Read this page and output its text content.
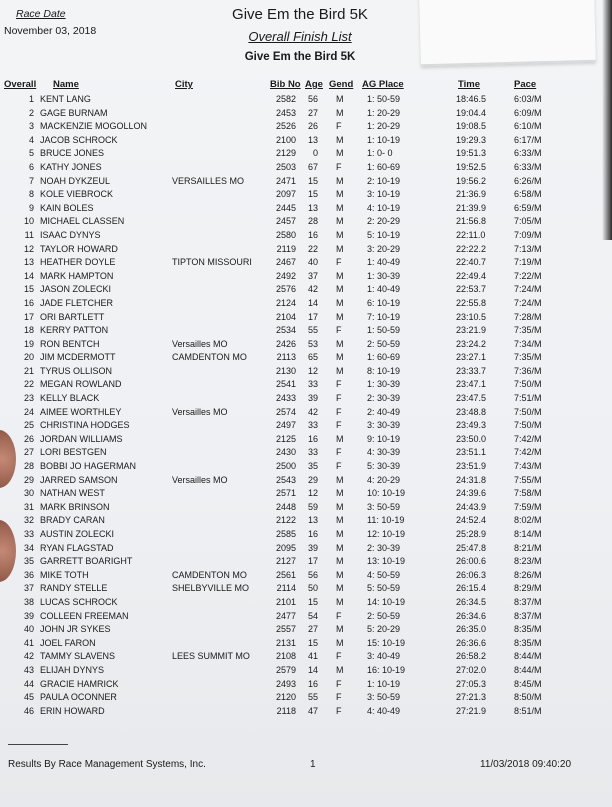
Race Date
November 03, 2018
Give Em the Bird 5K
Overall Finish List
Give Em the Bird 5K
Overall Name	City	Bib No Age Gend AG Place	Time	Pace
1 KENT LANG	2582	56 M	1: 50-59	18:46.5	6:03/M
2 GAGE BURNAM	2453	27 M	1: 20-29	19:04.4	6:09/M
3 MACKENZIE MOGOLLON	2526	26 F	1: 20-29	19:08.5	6:10/M
4 JACOB SCHROCK	2100	13 M	1: 10-19	19:29.3	6:17/M
5 BRUCE JONES	2129	0 M	1: 0- 0	19:51.3	6:33/M
6 KATHY JONES	2503	67 F	1: 60-69	19:52.5	6:33/M
7 NOAH DYKZEUL	VERSAILLES MO	2471	15 M	2: 10-19	19:56.2	6:26/M
8 KOLE VIEBROCK	2097	15 M	3: 10-19	21:36.9	6:58/M
9 KAIN BOLES	2445	13 M	4: 10-19	21:39.9	6:59/M
10 MICHAEL CLASSEN	2457	28 M	2: 20-29	21:56.8	7:05/M
11 ISAAC DYNYS	2580	16 M	5: 10-19	22:11.0	7:09/M
12 TAYLOR HOWARD	2119	22 M	3: 20-29	22:22.2	7:13/M
13 HEATHER DOYLE	TIPTON MISSOURI	2467	40 F	1: 40-49	22:40.7	7:19/M
14 MARK HAMPTON	2492	37 M	1: 30-39	22:49.4	7:22/M
15 JASON ZOLECKI	2576	42 M	1: 40-49	22:53.7	7:24/M
16 JADE FLETCHER	2124	14 M	6: 10-19	22:55.8	7:24/M
17 ORI BARTLETT	2104	17 M	7: 10-19	23:10.5	7:28/M
18 KERRY PATTON	2534	55 F	1: 50-59	23:21.9	7:35/M
19 RON BENTCH	Versailles MO	2426	53 M	2: 50-59	23:24.2	7:34/M
20 JIM MCDERMOTT	CAMDENTON MO	2113	65 M	1: 60-69	23:27.1	7:35/M
21 TYRUS OLLISON	2130	12 M	8: 10-19	23:33.7	7:36/M
22 MEGAN ROWLAND	2541	33 F	1: 30-39	23:47.1	7:50/M
23 KELLY BLACK	2433	39 F	2: 30-39	23:47.5	7:51/M
24 AIMEE WORTHLEY	Versailles MO	2574	42 F	2: 40-49	23:48.8	7:50/M
25 CHRISTINA HODGES	2497	33 F	3: 30-39	23:49.3	7:50/M
26 JORDAN WILLIAMS	2125	16 M	9: 10-19	23:50.0	7:42/M
27 LORI BESTGEN	2430	33 F	4: 30-39	23:51.1	7:42/M
28 BOBBI JO HAGERMAN	2500	35 F	5: 30-39	23:51.9	7:43/M
29 JARRED SAMSON	Versailles MO	2543	29 M	4: 20-29	24:31.8	7:55/M
30 NATHAN WEST	2571	12 M	10: 10-19	24:39.6	7:58/M
31 MARK BRINSON	2448	59 M	3: 50-59	24:43.9	7:59/M
32 BRADY CARAN	2122	13 M	11: 10-19	24:52.4	8:02/M
33 AUSTIN ZOLECKI	2585	16 M	12: 10-19	25:28.9	8:14/M
34 RYAN FLAGSTAD	2095	39 M	2: 30-39	25:47.8	8:21/M
35 GARRETT BOARIGHT	2127	17 M	13: 10-19	26:00.6	8:23/M
36 MIKE TOTH	CAMDENTON MO	2561	56 M	4: 50-59	26:06.3	8:26/M
37 RANDY STELLE	SHELBYVILLE MO	2114	50 M	5: 50-59	26:15.4	8:29/M
38 LUCAS SCHROCK	2101	15 M	14: 10-19	26:34.5	8:37/M
39 COLLEEN FREEMAN	2477	54 F	2: 50-59	26:34.6	8:37/M
40 JOHN JR SYKES	2557	27 M	5: 20-29	26:35.0	8:35/M
41 JOEL FARON	2131	15 M	15: 10-19	26:36.6	8:35/M
42 TAMMY SLAVENS	LEES SUMMIT MO	2108	41 F	3: 40-49	26:58.2	8:44/M
43 ELIJAH DYNYS	2579	14 M	16: 10-19	27:02.0	8:44/M
44 GRACIE HAMRICK	2493	16 F	1: 10-19	27:05.3	8:45/M
45 PAULA OCONNER	2120	55 F	3: 50-59	27:21.3	8:50/M
46 ERIN HOWARD	2118	47 F	4: 40-49	27:21.9	8:51/M
Results By Race Management Systems, Inc.	1	11/03/2018 09:40:20
